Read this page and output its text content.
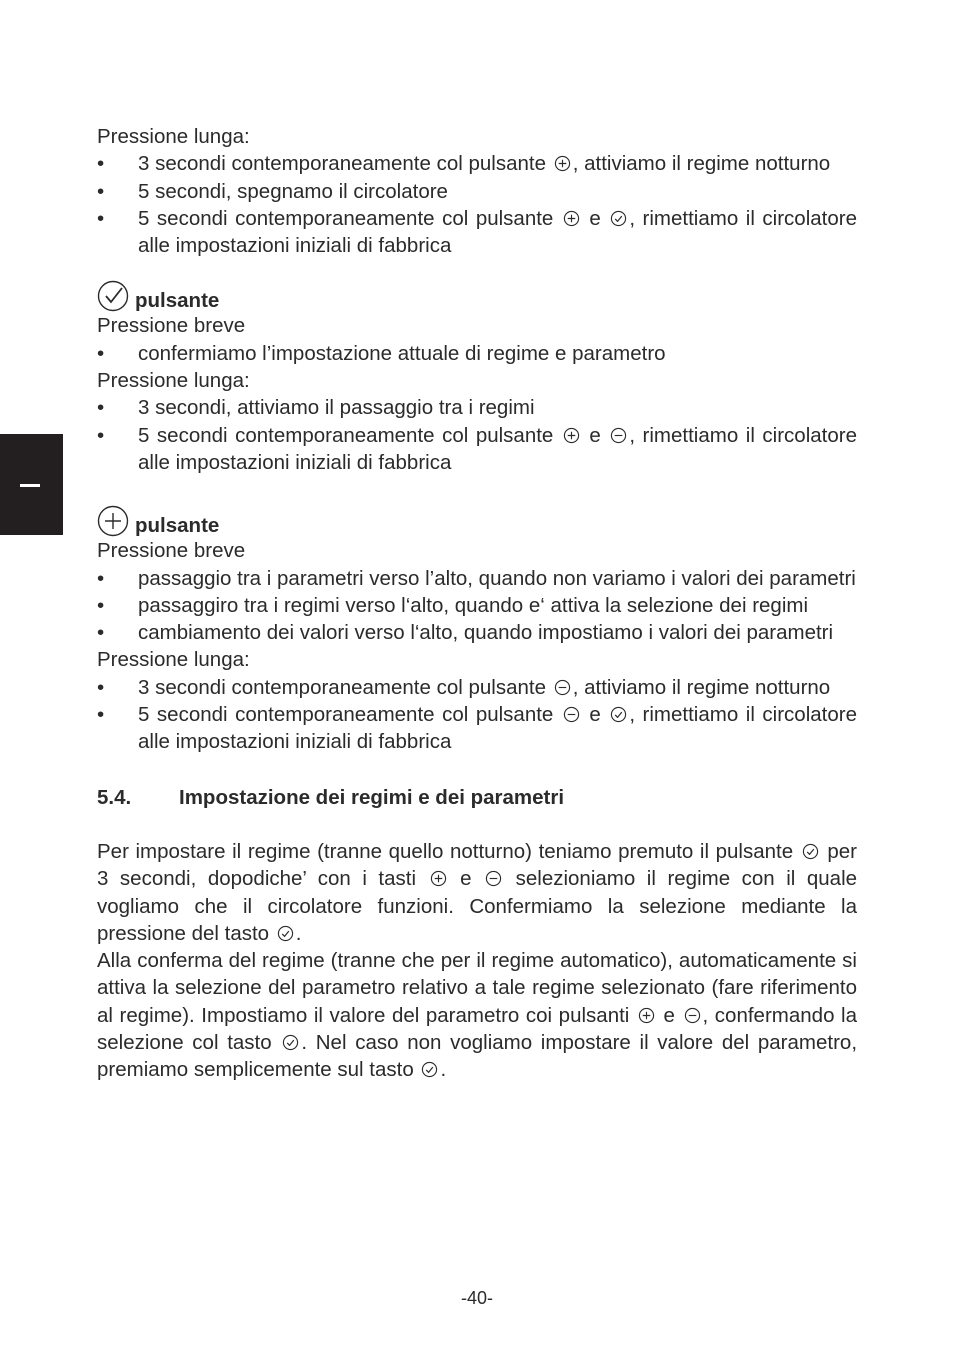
Pressione lunga:

• 3 secondi contemporaneamente col pulsante , attiviamo il regime notturno
• 5 secondi, spegnamo il circolatore
• 5 secondi contemporaneamente col pulsante e , rimettiamo il circolatore alle impostazioni iniziali di fabbrica
pulsante

Pressione breve

• confermiamo l’impostazione attuale di regime e parametro

Pressione lunga:

• 3 secondi, attiviamo il passaggio tra i regimi
• 5 secondi contemporaneamente col pulsante e , rimettiamo il circolatore alle impostazioni iniziali di fabbrica
pulsante

Pressione breve

• passaggio tra i parametri verso l’alto, quando non variamo i valori dei parametri
• passaggiro tra i regimi verso l‘alto, quando e‘ attiva la selezione dei regimi
• cambiamento dei valori verso l‘alto, quando impostiamo i valori dei parametri

Pressione lunga:

• 3 secondi contemporaneamente col pulsante , attiviamo il regime notturno
• 5 secondi contemporaneamente col pulsante e , rimettiamo il circolatore alle impostazioni iniziali di fabbrica
5.4.	Impostazione dei regimi e dei parametri

Per impostare il regime (tranne quello notturno) teniamo premuto il pulsante per 3 secondi, dopodiche’ con i tasti e selezioniamo il regime con il quale vogliamo che il circolatore funzioni. Confermiamo la selezione mediante la pressione del tasto .

Alla conferma del regime (tranne che per il regime automatico), automaticamente si attiva la selezione del parametro relativo a tale regime selezionato (fare riferimento al regime). Impostiamo il valore del parametro coi pulsanti e , confermando la selezione col tasto . Nel caso non vogliamo impostare il valore del parametro, premiamo semplicemente sul tasto .

-40-
